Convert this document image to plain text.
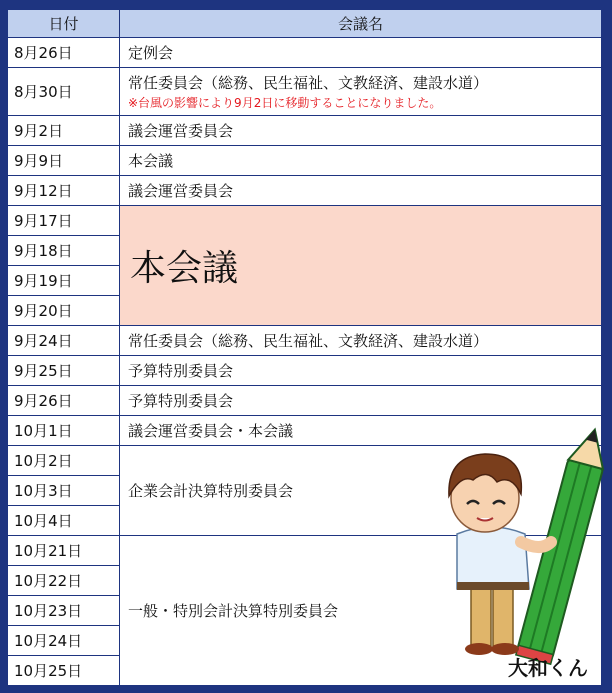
日付	会議名
8月26日
8月30日
9月2日
9月9日
9月12日
9月17日
9月18日
9月19日
9月20日
9月24日
9月25日
9月26日
10月1日
10月2日
10月3日
10月4日
10月21日
10月22日
10月23日
10月24日
10月25日
定例会
常任委員会（総務、民生福祉、文教経済、建設水道）
※台風の影響により9月2日に移動することになりました。
議会運営委員会
本会議
議会運営委員会
本会議
常任委員会（総務、民生福祉、文教経済、建設水道）
予算特別委員会
予算特別委員会
議会運営委員会・本会議
企業会計決算特別委員会
一般・特別会計決算特別委員会
大和くん
